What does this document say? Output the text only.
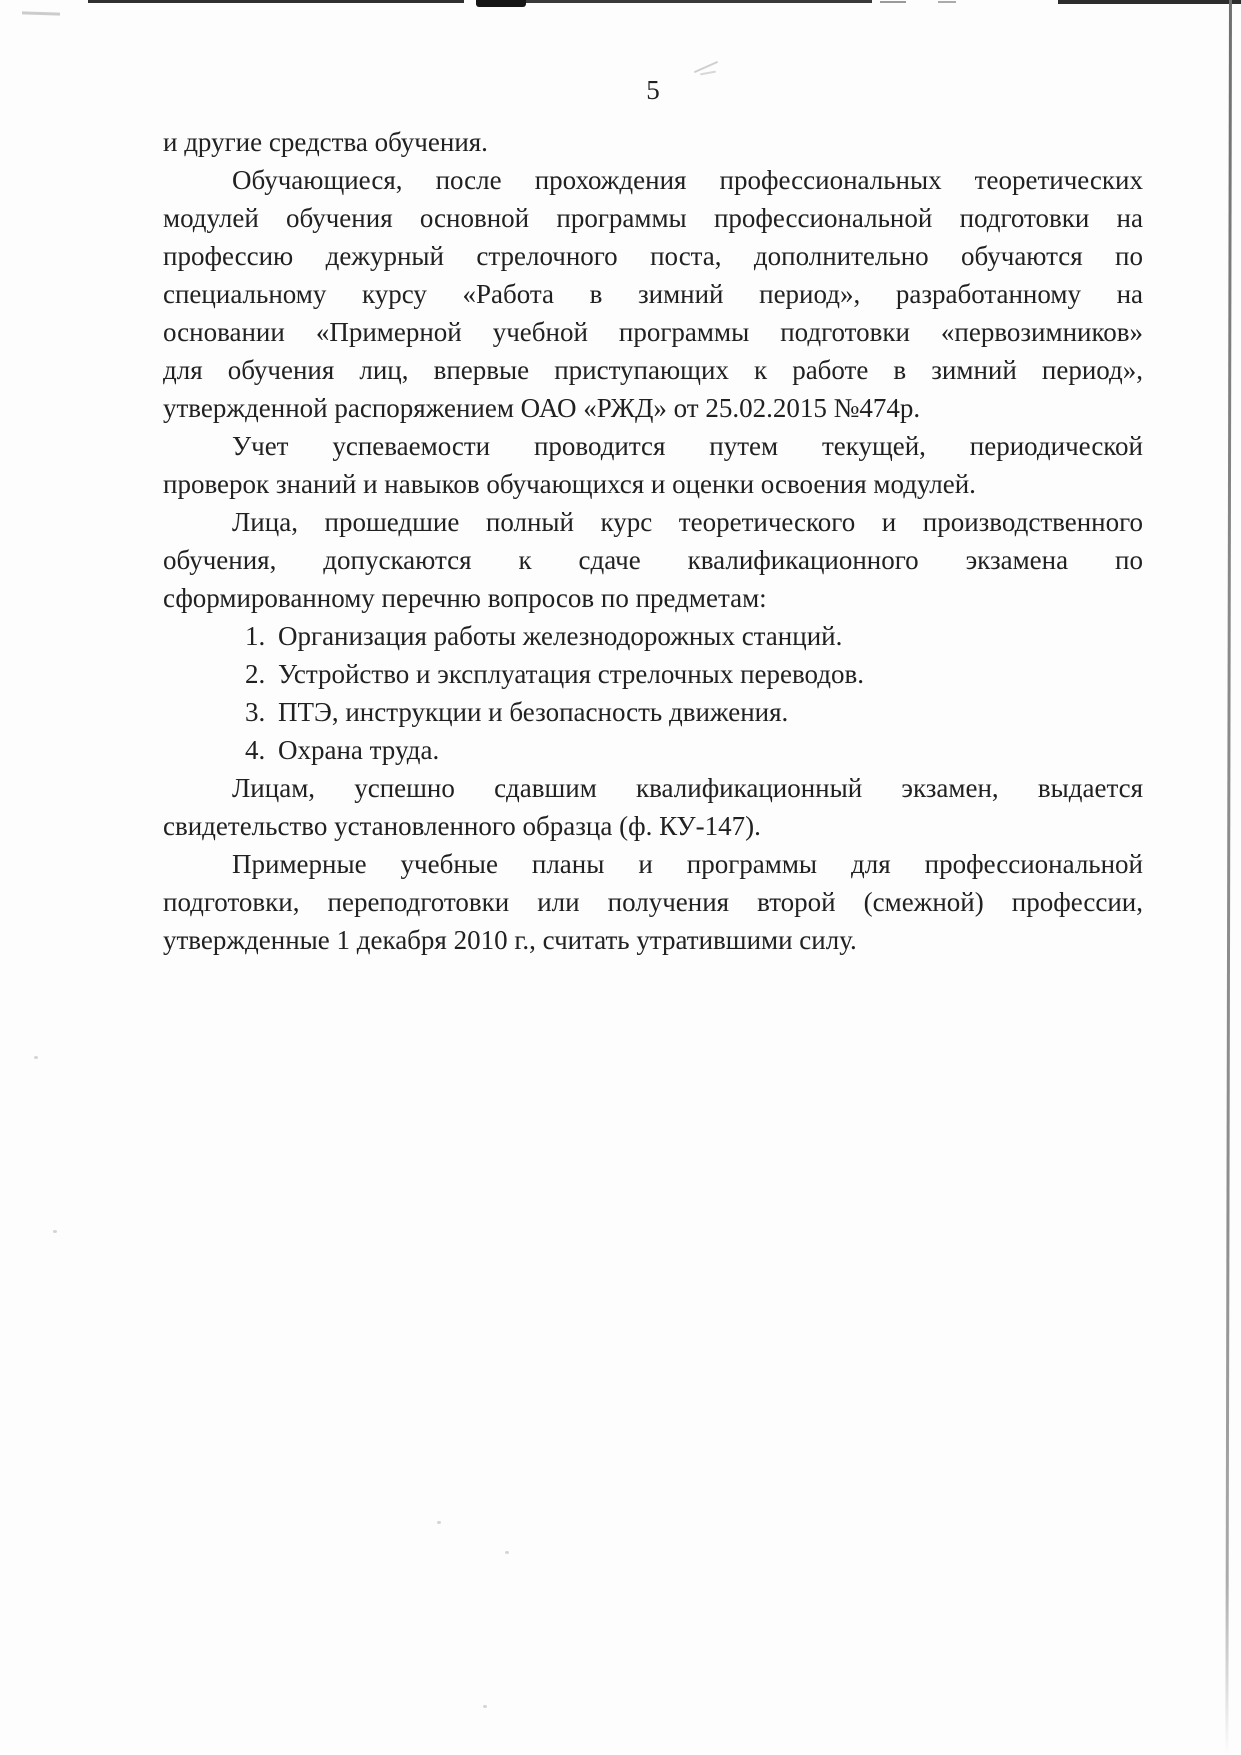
5
и другие средства обучения.
Обучающиеся, после прохождения профессиональных теоретических
модулей обучения основной программы профессиональной подготовки на
профессию дежурный стрелочного поста, дополнительно обучаются по
специальному курсу «Работа в зимний период», разработанному на
основании «Примерной учебной программы подготовки «первозимников»
для обучения лиц, впервые приступающих к работе в зимний период»,
утвержденной распоряжением ОАО «РЖД» от 25.02.2015 №474р.
Учет успеваемости проводится путем текущей, периодической
проверок знаний и навыков обучающихся и оценки освоения модулей.
Лица, прошедшие полный курс теоретического и производственного
обучения, допускаются к сдаче квалификационного экзамена по
сформированному перечню вопросов по предметам:
1. Организация работы железнодорожных станций.
2. Устройство и эксплуатация стрелочных переводов.
3. ПТЭ, инструкции и безопасность движения.
4. Охрана труда.
Лицам, успешно сдавшим квалификационный экзамен, выдается
свидетельство установленного образца (ф. КУ-147).
Примерные учебные планы и программы для профессиональной
подготовки, переподготовки или получения второй (смежной) профессии,
утвержденные 1 декабря 2010 г., считать утратившими силу.
